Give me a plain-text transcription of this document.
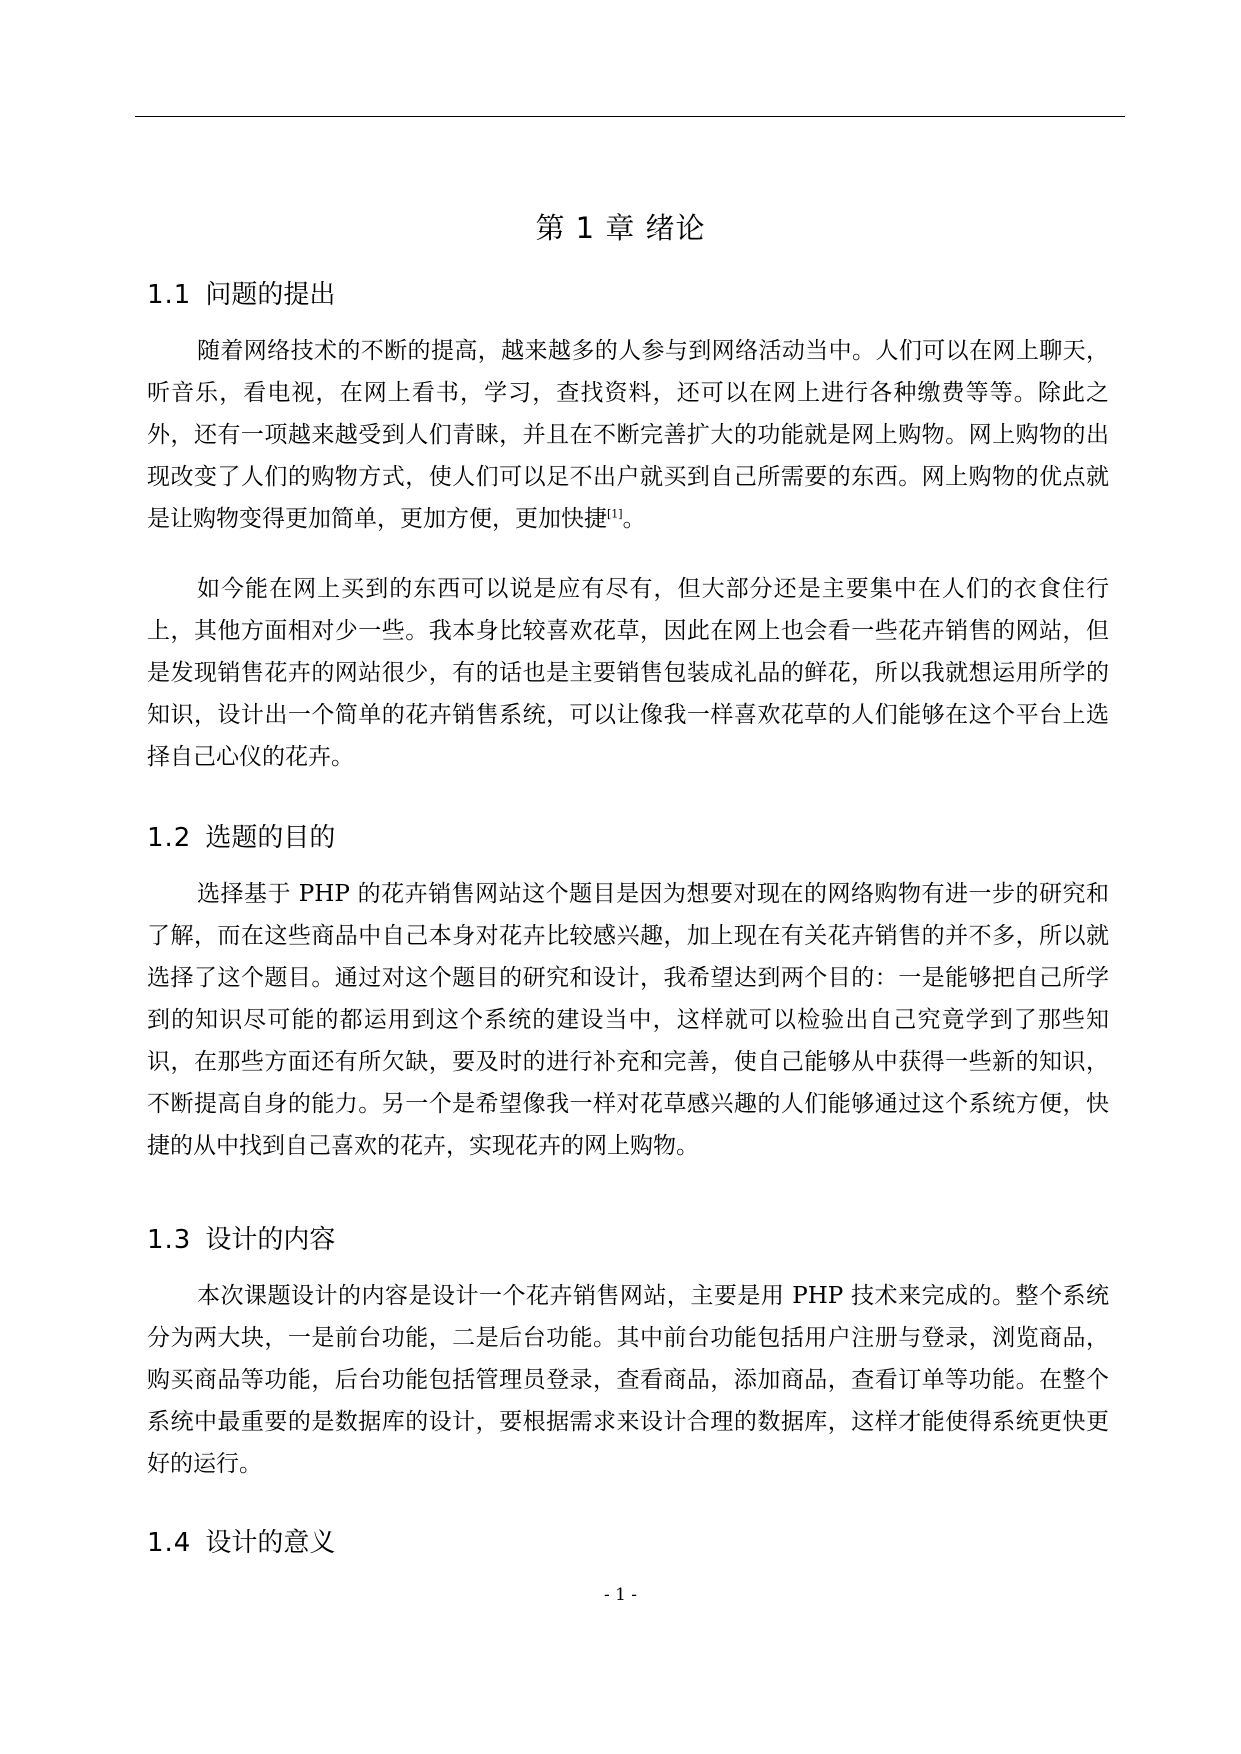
第 1 章 绪论
1.1 问题的提出

随着网络技术的不断的提高，越来越多的人参与到网络活动当中。人们可以在网上聊天，听音乐，看电视，在网上看书，学习，查找资料，还可以在网上进行各种缴费等等。除此之外，还有一项越来越受到人们青睐，并且在不断完善扩大的功能就是网上购物。网上购物的出现改变了人们的购物方式，使人们可以足不出户就买到自己所需要的东西。网上购物的优点就是让购物变得更加简单，更加方便，更加快捷[1]。

如今能在网上买到的东西可以说是应有尽有，但大部分还是主要集中在人们的衣食住行上，其他方面相对少一些。我本身比较喜欢花草，因此在网上也会看一些花卉销售的网站，但是发现销售花卉的网站很少，有的话也是主要销售包装成礼品的鲜花，所以我就想运用所学的知识，设计出一个简单的花卉销售系统，可以让像我一样喜欢花草的人们能够在这个平台上选择自己心仪的花卉。

1.2 选题的目的

选择基于 PHP 的花卉销售网站这个题目是因为想要对现在的网络购物有进一步的研究和了解，而在这些商品中自己本身对花卉比较感兴趣，加上现在有关花卉销售的并不多，所以就选择了这个题目。通过对这个题目的研究和设计，我希望达到两个目的：一是能够把自己所学到的知识尽可能的都运用到这个系统的建设当中，这样就可以检验出自己究竟学到了那些知识，在那些方面还有所欠缺，要及时的进行补充和完善，使自己能够从中获得一些新的知识，不断提高自身的能力。另一个是希望像我一样对花草感兴趣的人们能够通过这个系统方便，快捷的从中找到自己喜欢的花卉，实现花卉的网上购物。

1.3 设计的内容

本次课题设计的内容是设计一个花卉销售网站，主要是用 PHP 技术来完成的。整个系统分为两大块，一是前台功能，二是后台功能。其中前台功能包括用户注册与登录，浏览商品，购买商品等功能，后台功能包括管理员登录，查看商品，添加商品，查看订单等功能。在整个系统中最重要的是数据库的设计，要根据需求来设计合理的数据库，这样才能使得系统更快更好的运行。

1.4 设计的意义

- 1 -
